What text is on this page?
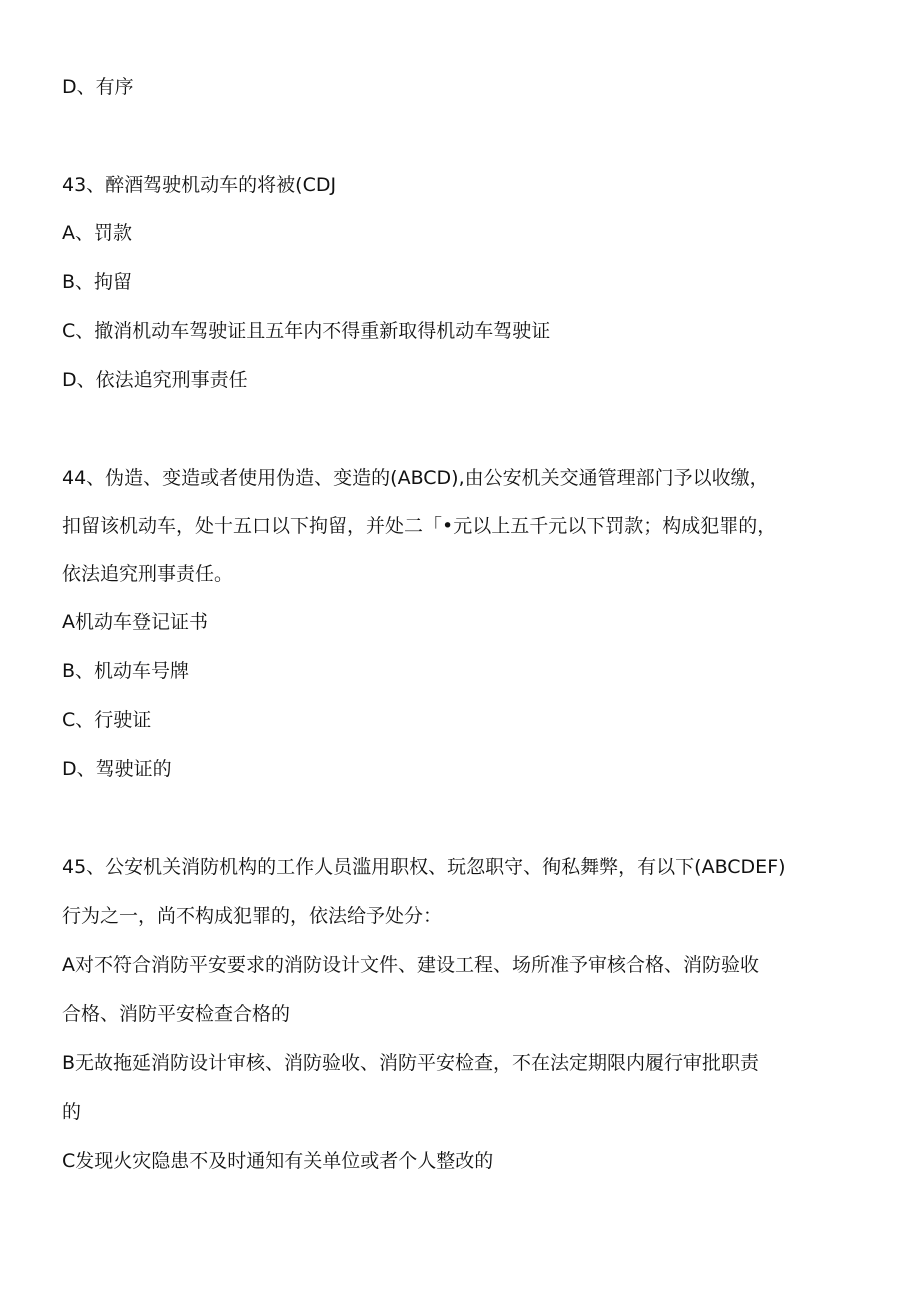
D、有序

43、醉酒驾驶机动车的将被(CDJ

A、罚款

B、拘留

C、撤消机动车驾驶证且五年内不得重新取得机动车驾驶证

D、依法追究刑事责任

44、伪造、变造或者使用伪造、变造的(ABCD),由公安机关交通管理部门予以收缴，

扣留该机动车，处十五口以下拘留，并处二「•元以上五千元以下罚款；构成犯罪的，

依法追究刑事责任。

A机动车登记证书

B、机动车号牌

C、行驶证

D、驾驶证的

45、公安机关消防机构的工作人员滥用职权、玩忽职守、徇私舞弊，有以下(ABCDEF)

行为之一，尚不构成犯罪的，依法给予处分：

A对不符合消防平安要求的消防设计文件、建设工程、场所准予审核合格、消防验收

合格、消防平安检查合格的

B无故拖延消防设计审核、消防验收、消防平安检查，不在法定期限内履行审批职责

的

C发现火灾隐患不及时通知有关单位或者个人整改的
